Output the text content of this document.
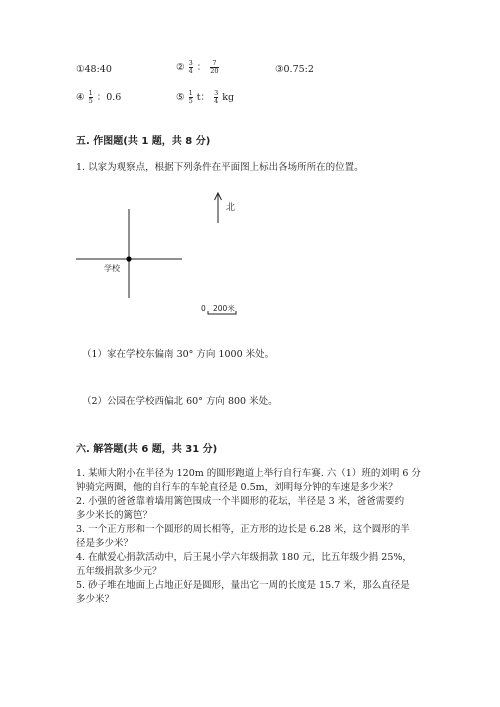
①48:40	② $\frac{3}{4}$ ： $\frac{7}{20}$	③0.75:2
④ $\frac{1}{5}$ ：0.6	⑤ $\frac{1}{5}$ t： $\frac{3}{4}$ kg
五. 作图题(共 1 题，共 8 分)
1. 以家为观察点，根据下列条件在平面图上标出各场所所在的位置。
北
学校
0 200米
（1）家在学校东偏南 30° 方向 1000 米处。
（2）公园在学校西偏北 60° 方向 800 米处。
六. 解答题(共 6 题，共 31 分)
1. 某师大附小在半径为 120m 的圆形跑道上举行自行车赛. 六（1）班的刘明 6 分
钟骑完两圈，他的自行车的车轮直径是 0.5m，刘明每分钟的车速是多少米？
2. 小强的爸爸靠着墙用篱笆围成一个半圆形的花坛，半径是 3 米，爸爸需要约
多少米长的篱笆？
3. 一个正方形和一个圆形的周长相等，正方形的边长是 6.28 米，这个圆形的半
径是多少米？
4. 在献爱心捐款活动中，后王晁小学六年级捐款 180 元，比五年级少捐 25%，
五年级捐款多少元？
5. 砂子堆在地面上占地正好是圆形，量出它一周的长度是 15.7 米，那么直径是
多少米？
